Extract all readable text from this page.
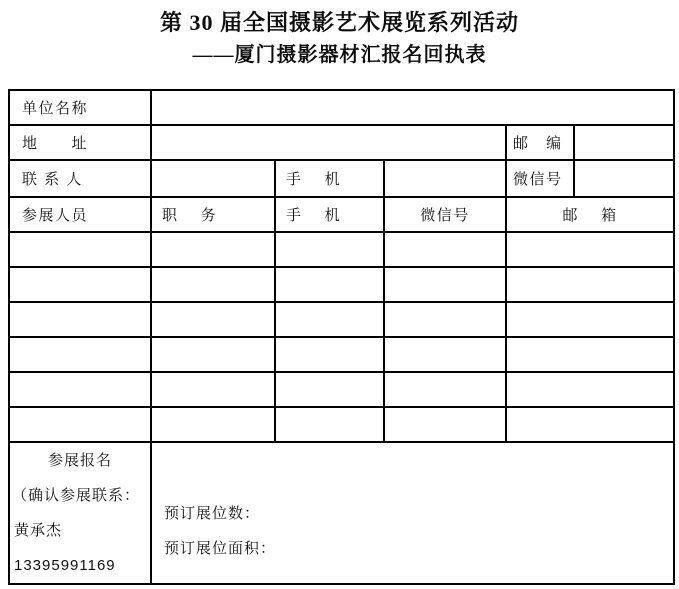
第 30 届全国摄影艺术展览系列活动
——厦门摄影器材汇报名回执表
单位名称					
地　　址				邮　编	
联 系 人		手　 机		微信号	
参展人员	职　 务	手　 机	微信号	邮　 箱	

参展报名
（确认参展联系：
黄承杰
13395991169

预订展位数：
预订展位面积：
